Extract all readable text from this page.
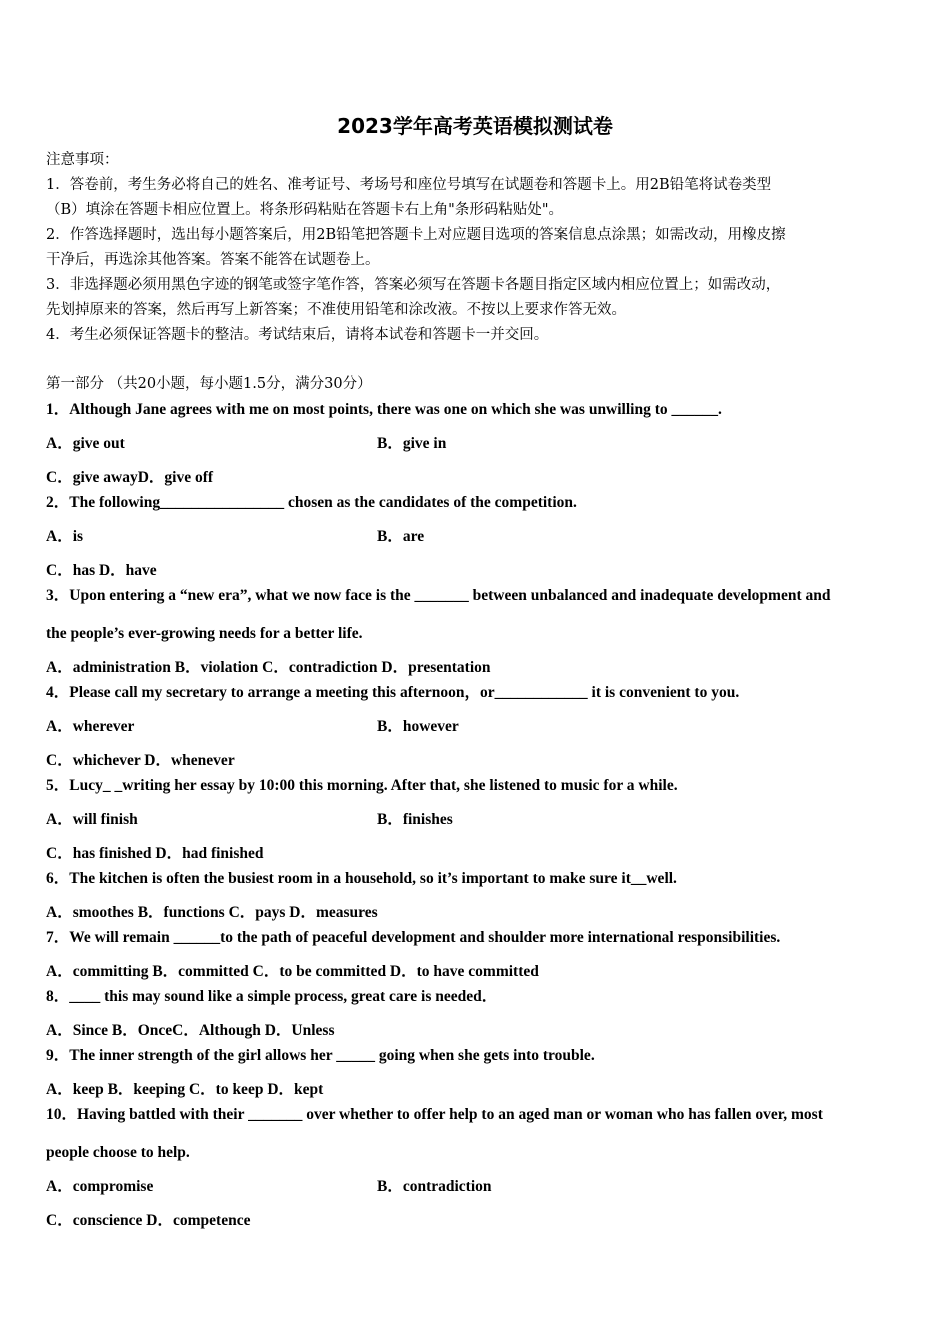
2023学年高考英语模拟测试卷
注意事项：
1．答卷前，考生务必将自己的姓名、准考证号、考场号和座位号填写在试题卷和答题卡上。用2B铅笔将试卷类型
（B）填涂在答题卡相应位置上。将条形码粘贴在答题卡右上角"条形码粘贴处"。
2．作答选择题时，选出每小题答案后，用2B铅笔把答题卡上对应题目选项的答案信息点涂黑；如需改动，用橡皮擦
干净后，再选涂其他答案。答案不能答在试题卷上。
3．非选择题必须用黑色字迹的钢笔或签字笔作答，答案必须写在答题卡各题目指定区域内相应位置上；如需改动，
先划掉原来的答案，然后再写上新答案；不准使用铅笔和涂改液。不按以上要求作答无效。
4．考生必须保证答题卡的整洁。考试结束后，请将本试卷和答题卡一并交回。
第一部分 （共20小题，每小题1.5分，满分30分）
1．Although Jane agrees with me on most points, there was one on which she was unwilling to ______.
A．give out	B．give in
C．give awayD．give off
2．The following________________ chosen as the candidates of the competition.
A．is	B．are
C．has D．have
3．Upon entering a “new era”, what we now face is the _______ between unbalanced and inadequate development and
the people’s ever-growing needs for a better life.
A．administration B．violation C．contradiction D．presentation
4．Please call my secretary to arrange a meeting this afternoon，or____________ it is convenient to you.
A．wherever	B．however
C．whichever D．whenever
5．Lucy_ _writing her essay by 10:00 this morning. After that, she listened to music for a while.
A．will finish	B．finishes
C．has finished D．had finished
6．The kitchen is often the busiest room in a household, so it’s important to make sure it__well.
A．smoothes B．functions C．pays D．measures
7．We will remain ______to the path of peaceful development and shoulder more international responsibilities.
A．committing B．committed C．to be committed D．to have committed
8．____ this may sound like a simple process, great care is needed．
A．Since B．OnceC．Although D．Unless
9．The inner strength of the girl allows her _____ going when she gets into trouble.
A．keep B．keeping C．to keep D．kept
10．Having battled with their _______ over whether to offer help to an aged man or woman who has fallen over, most
people choose to help.
A．compromise	B．contradiction
C．conscience D．competence
